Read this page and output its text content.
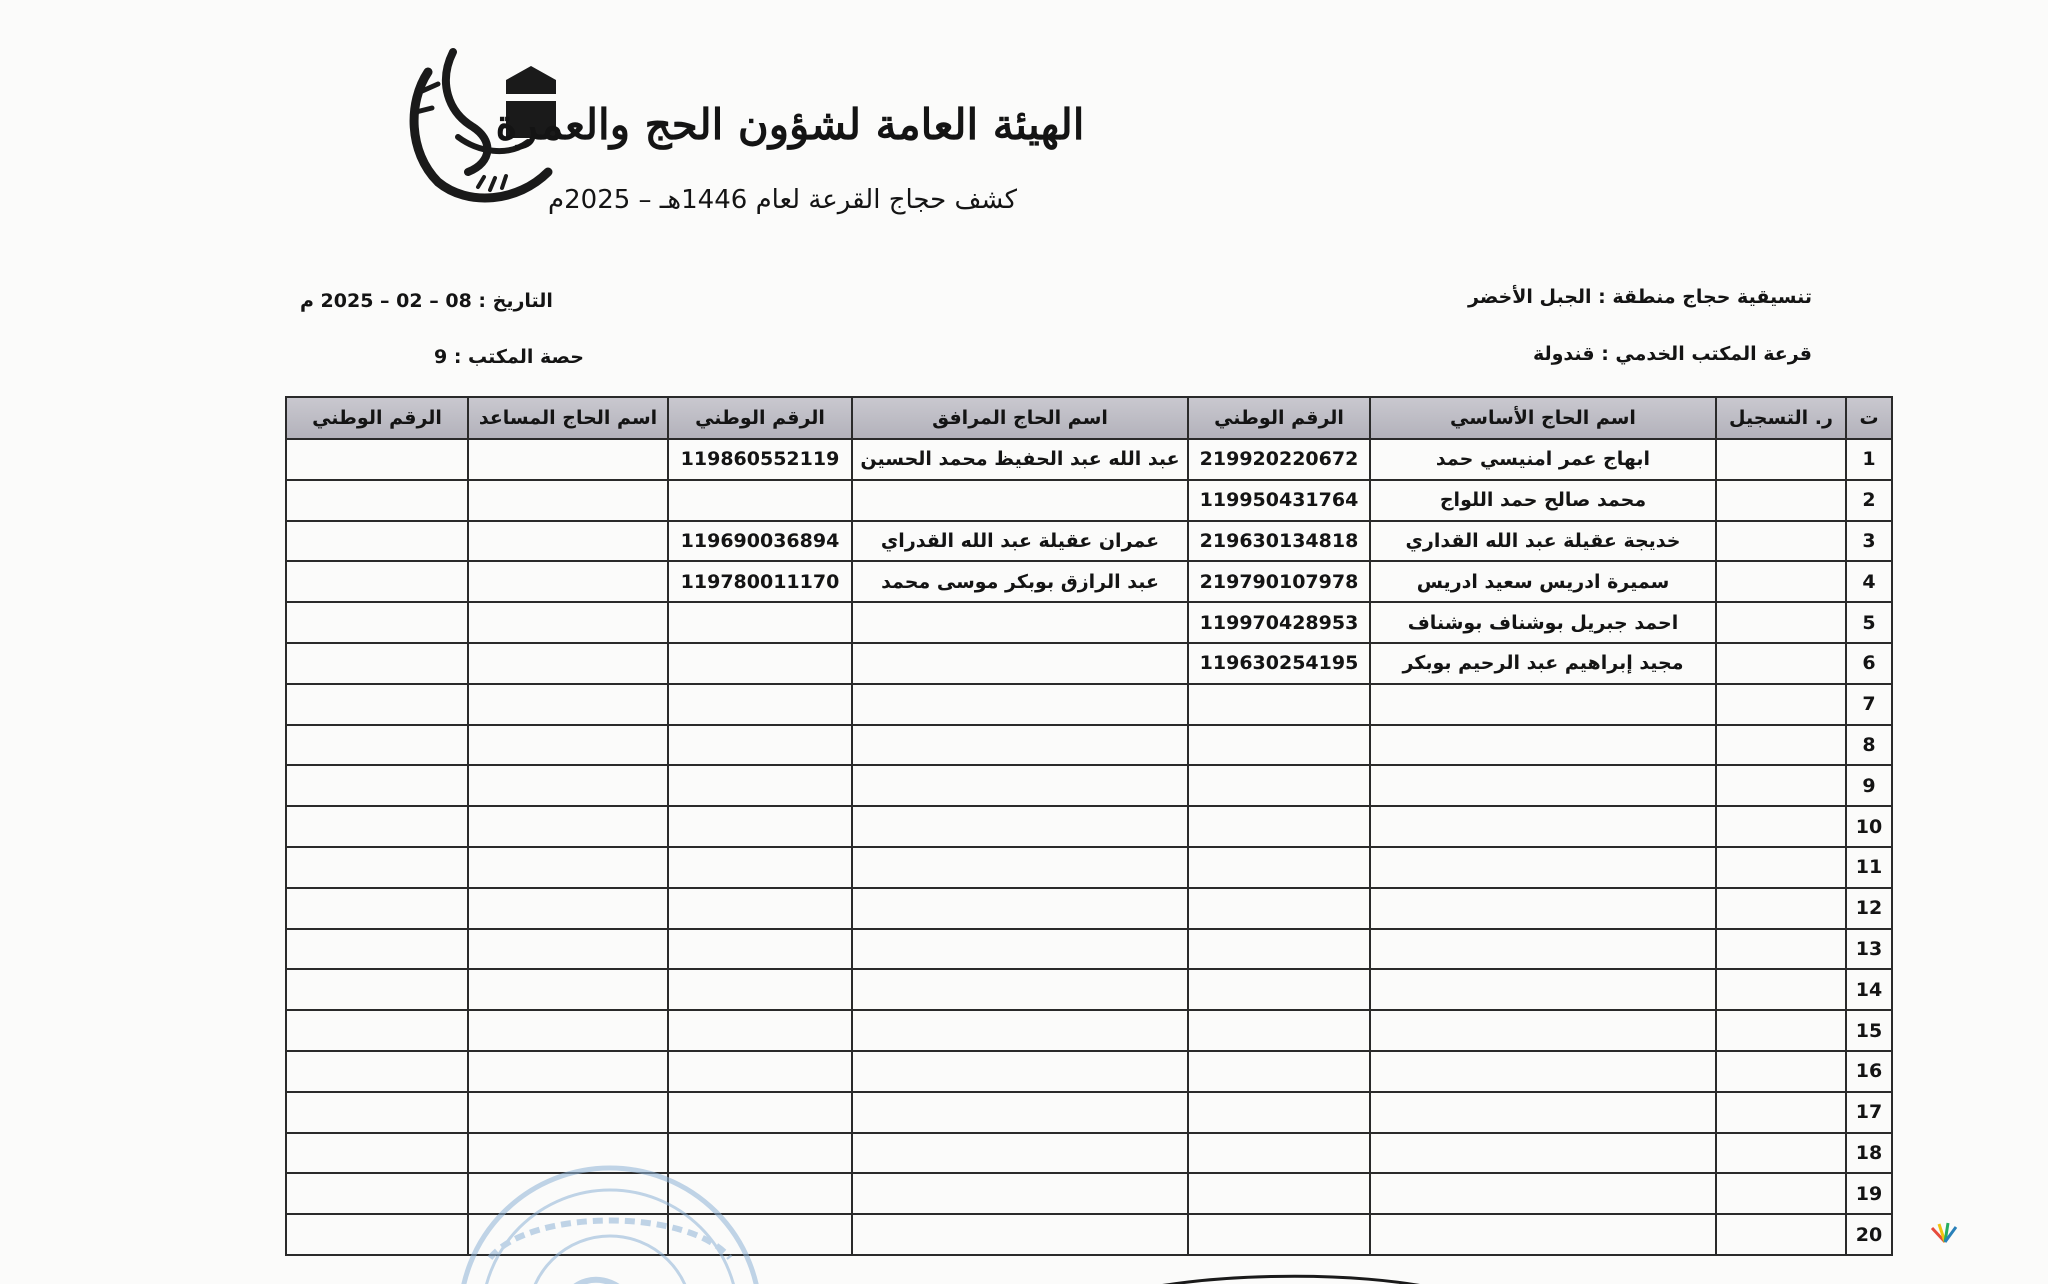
الهيئة العامة لشؤون الحج والعمرة
كشف حجاج القرعة لعام 1446هـ – 2025م
تنسيقية حجاج منطقة : الجبل الأخضر
قرعة المكتب الخدمي : قندولة
التاريخ : 08 – 02 – 2025 م
حصة المكتب : 9
ت	ر. التسجيل	اسم الحاج الأساسي	الرقم الوطني	اسم الحاج المرافق	الرقم الوطني	اسم الحاج المساعد	الرقم الوطني
1		ابهاج عمر امنيسي حمد	219920220672	عبد الله عبد الحفيظ محمد الحسين	119860552119		
2		محمد صالح حمد اللواج	119950431764				
3		خديجة عقيلة عبد الله القداري	219630134818	عمران عقيلة عبد الله القدراي	119690036894		
4		سميرة ادريس سعيد ادريس	219790107978	عبد الرازق بوبكر موسى محمد	119780011170		
5		احمد جبريل بوشناف بوشناف	119970428953				
6		مجيد إبراهيم عبد الرحيم بوبكر	119630254195				
7							
8							
9							
10							
11							
12							
13							
14							
15							
16							
17							
18							
19							
20							
